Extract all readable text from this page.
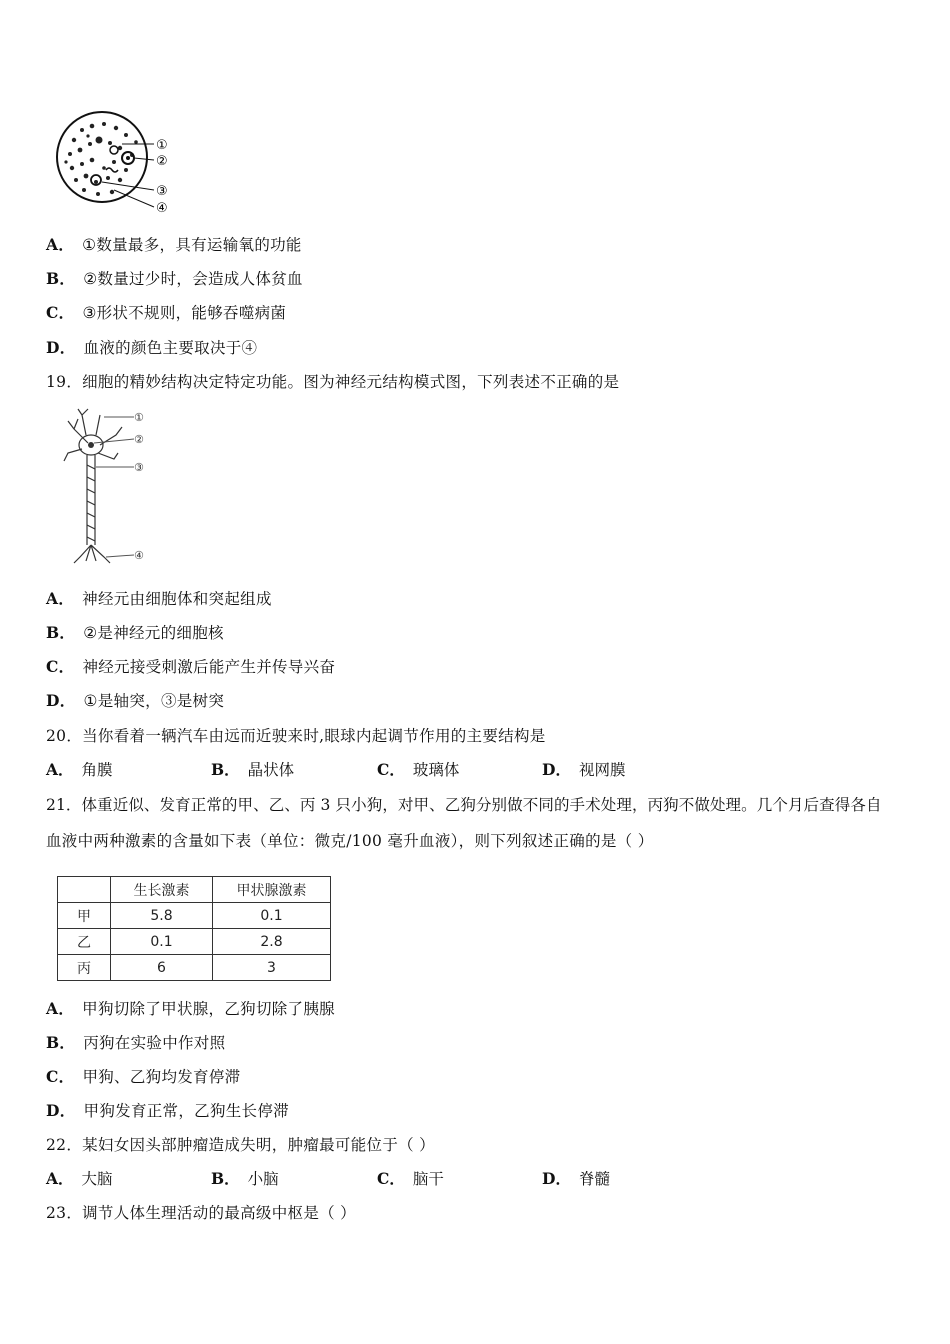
①
②
③
④
A． ①数量最多，具有运输氧的功能
B． ②数量过少时，会造成人体贫血
C． ③形状不规则，能够吞噬病菌
D． 血液的颜色主要取决于④
19．细胞的精妙结构决定特定功能。图为神经元结构模式图，下列表述不正确的是
①
②
③
④
A． 神经元由细胞体和突起组成
B． ②是神经元的细胞核
C． 神经元接受刺激后能产生并传导兴奋
D． ①是轴突，③是树突
20．当你看着一辆汽车由远而近驶来时,眼球内起调节作用的主要结构是
A． 角膜	B． 晶状体	C． 玻璃体	D． 视网膜
21．体重近似、发育正常的甲、乙、丙 3 只小狗，对甲、乙狗分别做不同的手术处理，丙狗不做处理。几个月后查得各自
血液中两种激素的含量如下表（单位：微克/100 毫升血液），则下列叙述正确的是（ ）
	生长激素	甲状腺激素
甲	5.8	0.1
乙	0.1	2.8
丙	6	3
A． 甲狗切除了甲状腺，乙狗切除了胰腺
B． 丙狗在实验中作对照
C． 甲狗、乙狗均发育停滞
D． 甲狗发育正常，乙狗生长停滞
22．某妇女因头部肿瘤造成失明，肿瘤最可能位于（ ）
A． 大脑	B． 小脑	C． 脑干	D． 脊髓
23．调节人体生理活动的最高级中枢是（ ）
